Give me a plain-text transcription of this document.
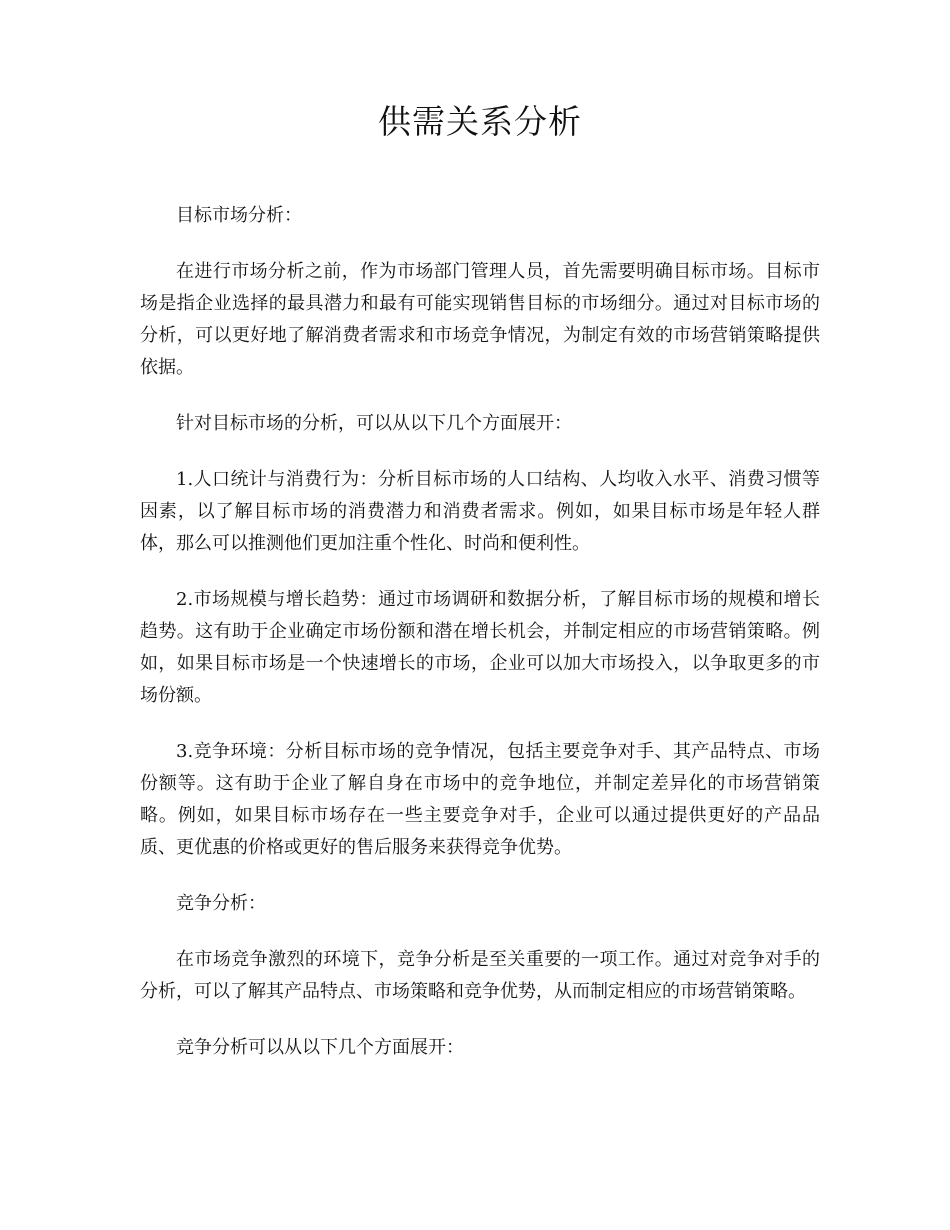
供需关系分析

目标市场分析：

在进行市场分析之前，作为市场部门管理人员，首先需要明确目标市场。目标市场是指企业选择的最具潜力和最有可能实现销售目标的市场细分。通过对目标市场的分析，可以更好地了解消费者需求和市场竞争情况，为制定有效的市场营销策略提供依据。

针对目标市场的分析，可以从以下几个方面展开：

1.人口统计与消费行为：分析目标市场的人口结构、人均收入水平、消费习惯等因素，以了解目标市场的消费潜力和消费者需求。例如，如果目标市场是年轻人群体，那么可以推测他们更加注重个性化、时尚和便利性。

2.市场规模与增长趋势：通过市场调研和数据分析，了解目标市场的规模和增长趋势。这有助于企业确定市场份额和潜在增长机会，并制定相应的市场营销策略。例如，如果目标市场是一个快速增长的市场，企业可以加大市场投入，以争取更多的市场份额。

3.竞争环境：分析目标市场的竞争情况，包括主要竞争对手、其产品特点、市场份额等。这有助于企业了解自身在市场中的竞争地位，并制定差异化的市场营销策略。例如，如果目标市场存在一些主要竞争对手，企业可以通过提供更好的产品品质、更优惠的价格或更好的售后服务来获得竞争优势。

竞争分析：

在市场竞争激烈的环境下，竞争分析是至关重要的一项工作。通过对竞争对手的分析，可以了解其产品特点、市场策略和竞争优势，从而制定相应的市场营销策略。

竞争分析可以从以下几个方面展开：
